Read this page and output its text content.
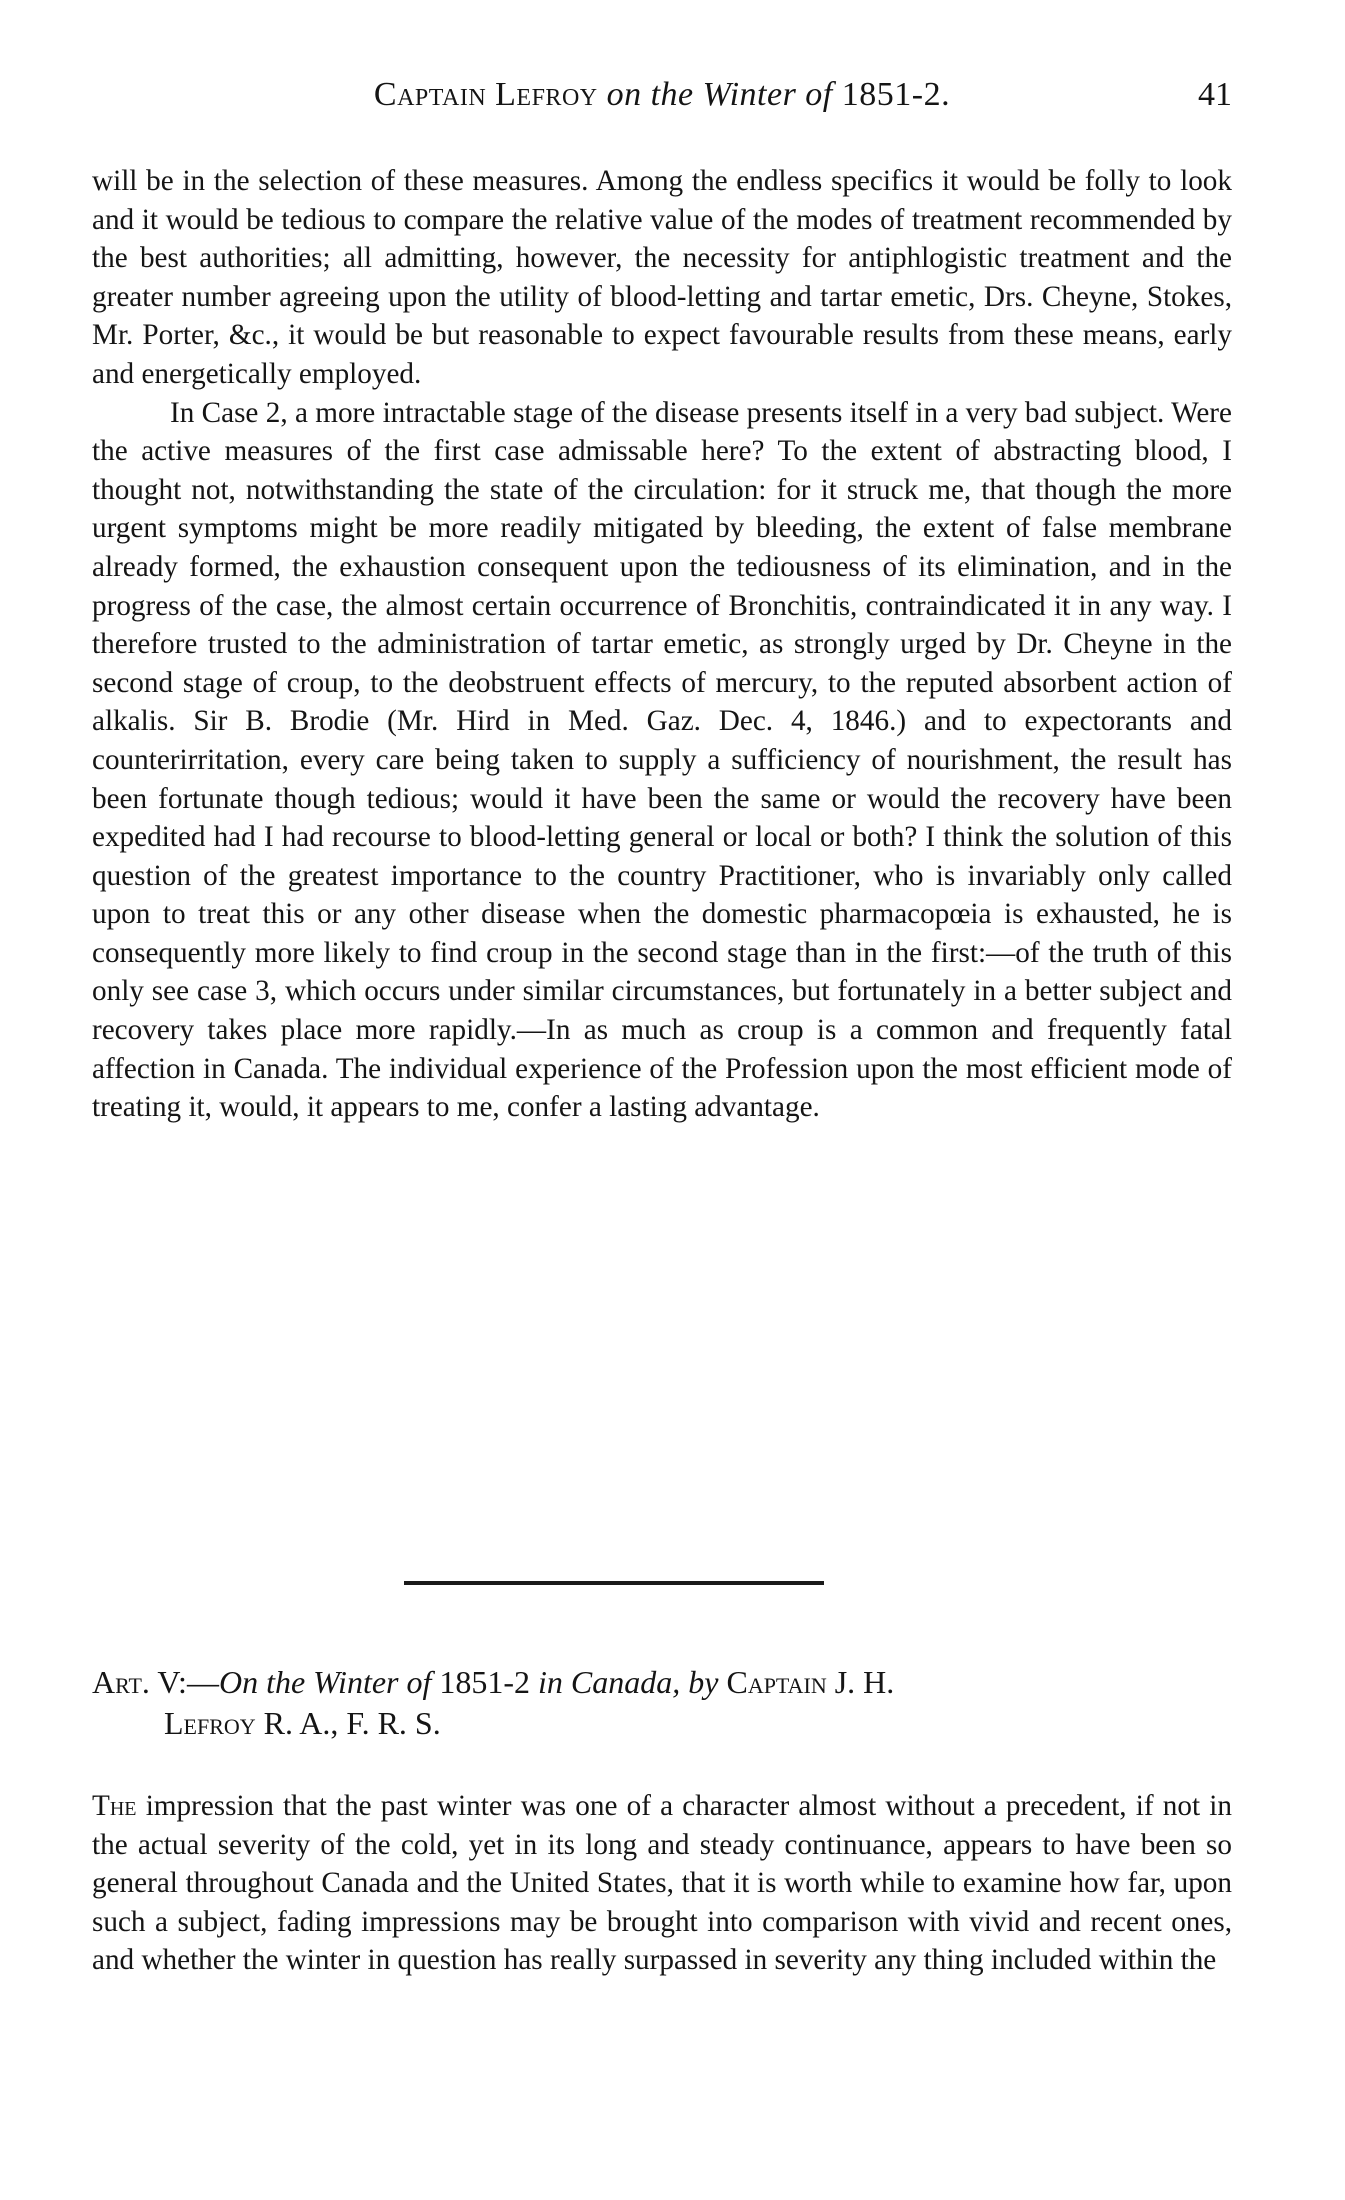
Captain Lefroy on the Winter of 1851-2.	41

will be in the selection of these measures. Among the endless specifics it would be folly to look and it would be tedious to compare the relative value of the modes of treatment recommended by the best authorities; all admitting, however, the necessity for antiphlogistic treatment and the greater number agreeing upon the utility of blood-letting and tartar emetic, Drs. Cheyne, Stokes, Mr. Porter, &c., it would be but reasonable to expect favourable results from these means, early and energetically employed.

In Case 2, a more intractable stage of the disease presents itself in a very bad subject. Were the active measures of the first case admissable here? To the extent of abstracting blood, I thought not, notwithstanding the state of the circulation: for it struck me, that though the more urgent symptoms might be more readily mitigated by bleeding, the extent of false membrane already formed, the exhaustion consequent upon the tediousness of its elimination, and in the progress of the case, the almost certain occurrence of Bronchitis, contraindicated it in any way. I therefore trusted to the administration of tartar emetic, as strongly urged by Dr. Cheyne in the second stage of croup, to the deobstruent effects of mercury, to the reputed absorbent action of alkalis. Sir B. Brodie (Mr. Hird in Med. Gaz. Dec. 4, 1846.) and to expectorants and counterirritation, every care being taken to supply a sufficiency of nourishment, the result has been fortunate though tedious; would it have been the same or would the recovery have been expedited had I had recourse to blood-letting general or local or both? I think the solution of this question of the greatest importance to the country Practitioner, who is invariably only called upon to treat this or any other disease when the domestic pharmacopœia is exhausted, he is consequently more likely to find croup in the second stage than in the first:—of the truth of this only see case 3, which occurs under similar circumstances, but fortunately in a better subject and recovery takes place more rapidly.—In as much as croup is a common and frequently fatal affection in Canada. The individual experience of the Profession upon the most efficient mode of treating it, would, it appears to me, confer a lasting advantage.

Art. V:—On the Winter of 1851-2 in Canada, by Captain J. H.
Lefroy R. A., F. R. S.

The impression that the past winter was one of a character almost without a precedent, if not in the actual severity of the cold, yet in its long and steady continuance, appears to have been so general throughout Canada and the United States, that it is worth while to examine how far, upon such a subject, fading impressions may be brought into comparison with vivid and recent ones, and whether the winter in question has really surpassed in severity any thing included within the
